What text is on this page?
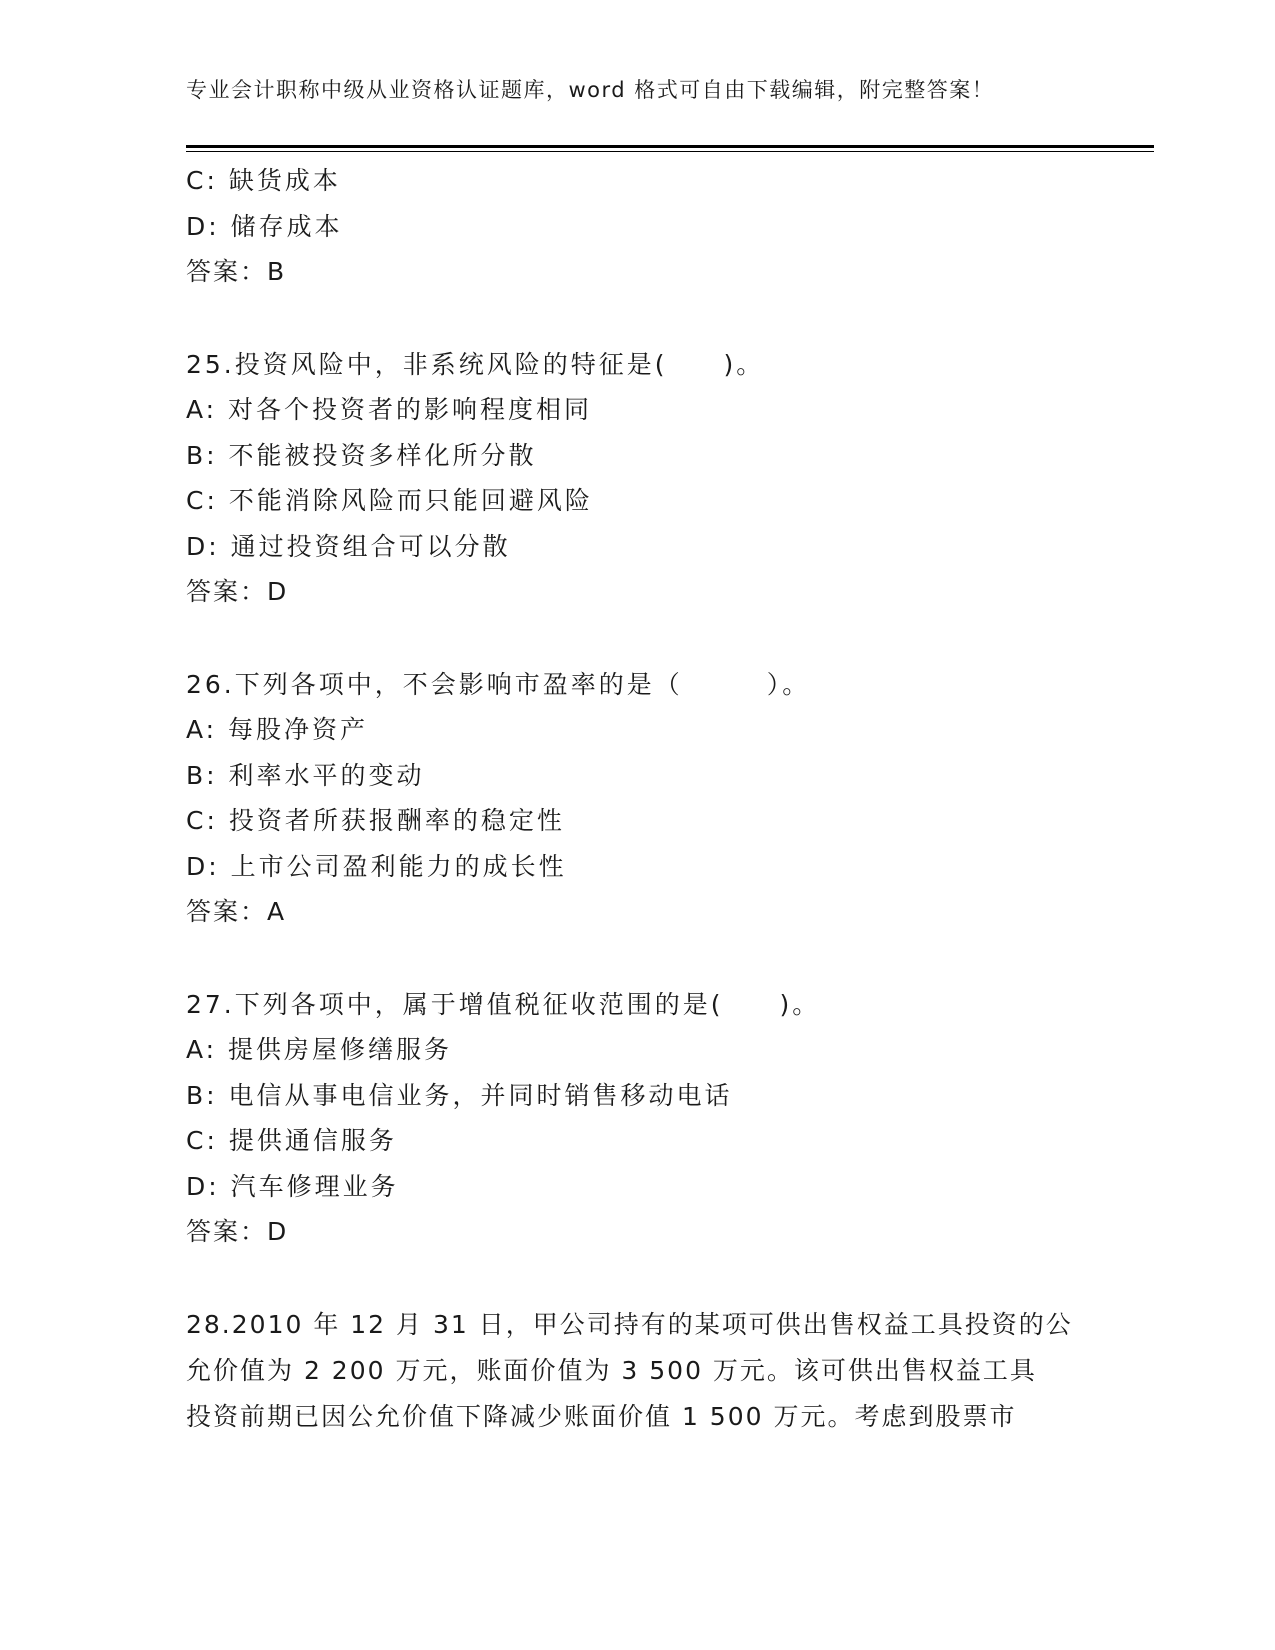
专业会计职称中级从业资格认证题库，word 格式可自由下载编辑，附完整答案！
C: 缺货成本
D: 储存成本
答案：B
25.投资风险中，非系统风险的特征是(　　)。
A: 对各个投资者的影响程度相同
B: 不能被投资多样化所分散
C: 不能消除风险而只能回避风险
D: 通过投资组合可以分散
答案：D
26.下列各项中，不会影响市盈率的是（　　　）。
A: 每股净资产
B: 利率水平的变动
C: 投资者所获报酬率的稳定性
D: 上市公司盈利能力的成长性
答案：A
27.下列各项中，属于增值税征收范围的是(　　)。
A: 提供房屋修缮服务
B: 电信从事电信业务，并同时销售移动电话
C: 提供通信服务
D: 汽车修理业务
答案：D
28.2010 年 12 月 31 日，甲公司持有的某项可供出售权益工具投资的公
允价值为 2 200 万元，账面价值为 3 500 万元。该可供出售权益工具
投资前期已因公允价值下降减少账面价值 1 500 万元。考虑到股票市
